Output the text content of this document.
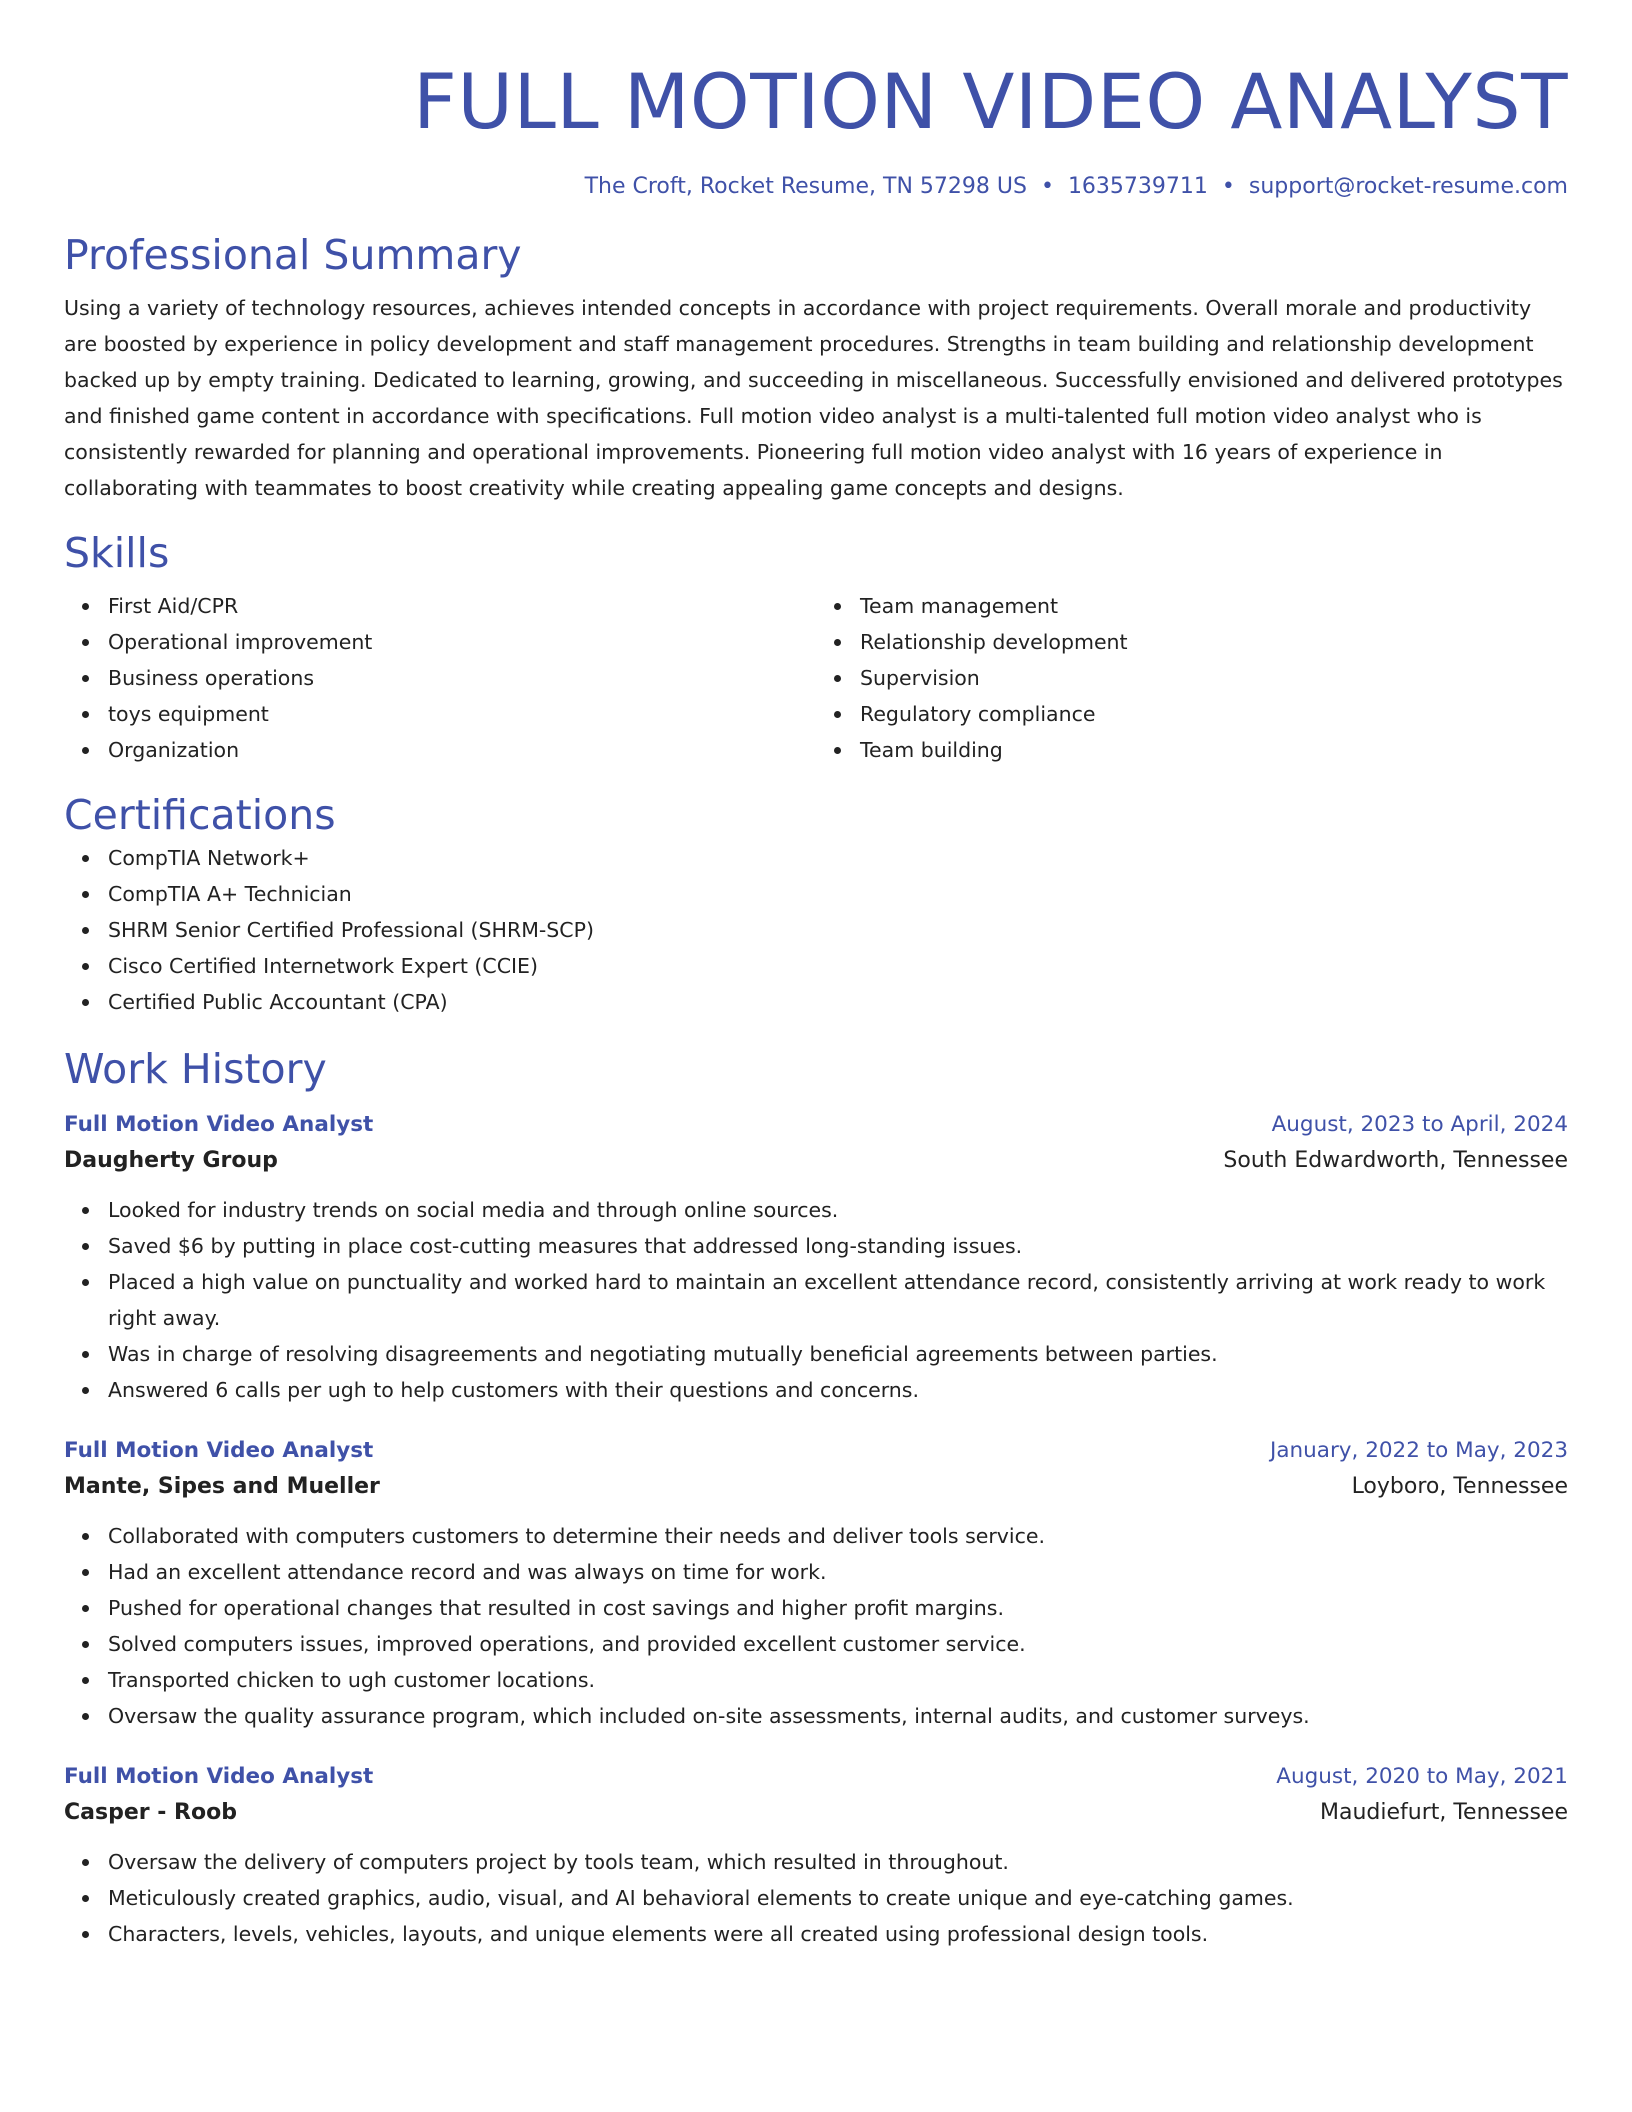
FULL MOTION VIDEO ANALYST
The Croft, Rocket Resume, TN 57298 US • 1635739711 • support@rocket-resume.com
Professional Summary

Using a variety of technology resources, achieves intended concepts in accordance with project requirements. Overall morale and productivity are boosted by experience in policy development and staff management procedures. Strengths in team building and relationship development backed up by empty training. Dedicated to learning, growing, and succeeding in miscellaneous. Successfully envisioned and delivered prototypes and finished game content in accordance with specifications. Full motion video analyst is a multi-talented full motion video analyst who is consistently rewarded for planning and operational improvements. Pioneering full motion video analyst with 16 years of experience in collaborating with teammates to boost creativity while creating appealing game concepts and designs.

Skills
First Aid/CPR
Operational improvement
Business operations
toys equipment
Organization
Team management
Relationship development
Supervision
Regulatory compliance
Team building
Certifications
CompTIA Network+
CompTIA A+ Technician
SHRM Senior Certified Professional (SHRM-SCP)
Cisco Certified Internetwork Expert (CCIE)
Certified Public Accountant (CPA)
Work History
Full Motion Video Analyst	August, 2023 to April, 2024
Daugherty Group	South Edwardworth, Tennessee
Looked for industry trends on social media and through online sources.
Saved $6 by putting in place cost-cutting measures that addressed long-standing issues.
Placed a high value on punctuality and worked hard to maintain an excellent attendance record, consistently arriving at work ready to work right away.
Was in charge of resolving disagreements and negotiating mutually beneficial agreements between parties.
Answered 6 calls per ugh to help customers with their questions and concerns.
Full Motion Video Analyst	January, 2022 to May, 2023
Mante, Sipes and Mueller	Loyboro, Tennessee
Collaborated with computers customers to determine their needs and deliver tools service.
Had an excellent attendance record and was always on time for work.
Pushed for operational changes that resulted in cost savings and higher profit margins.
Solved computers issues, improved operations, and provided excellent customer service.
Transported chicken to ugh customer locations.
Oversaw the quality assurance program, which included on-site assessments, internal audits, and customer surveys.
Full Motion Video Analyst	August, 2020 to May, 2021
Casper - Roob	Maudiefurt, Tennessee
Oversaw the delivery of computers project by tools team, which resulted in throughout.
Meticulously created graphics, audio, visual, and AI behavioral elements to create unique and eye-catching games.
Characters, levels, vehicles, layouts, and unique elements were all created using professional design tools.
